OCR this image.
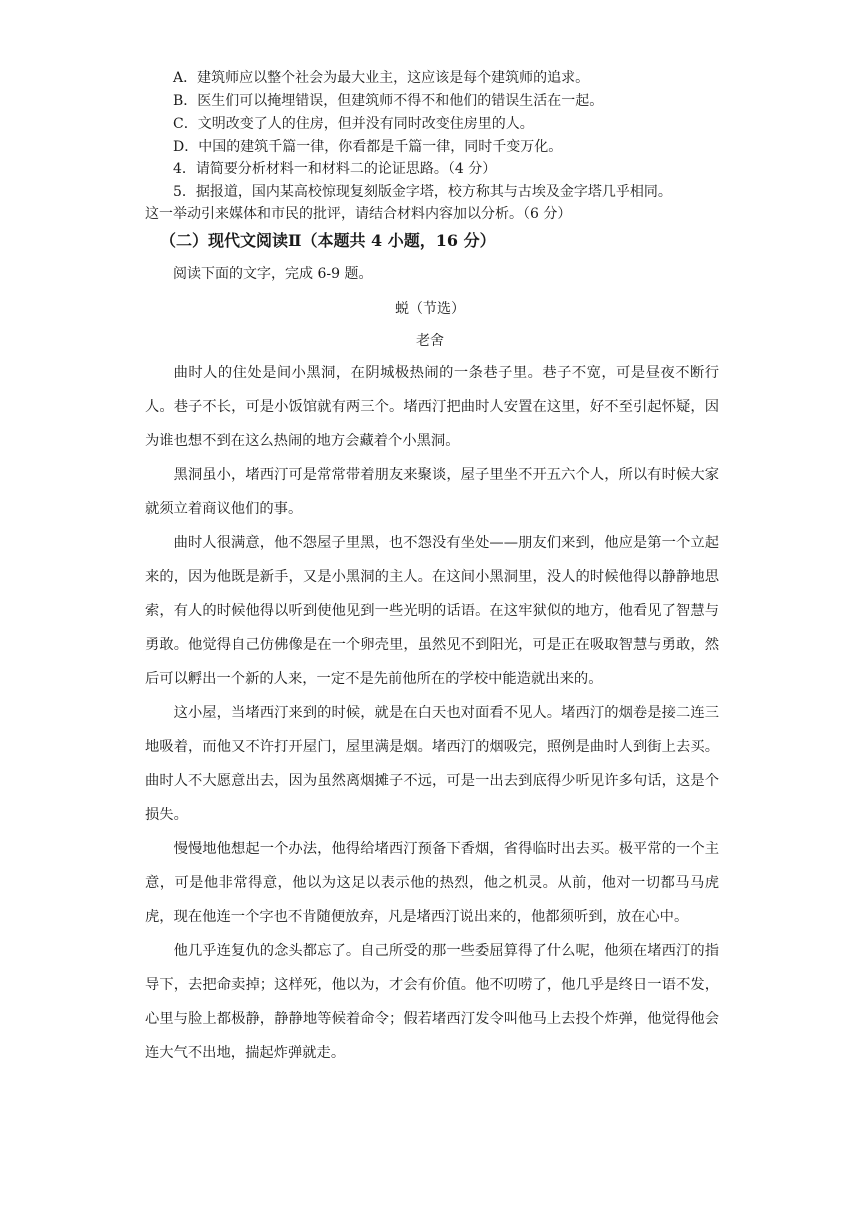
A．建筑师应以整个社会为最大业主，这应该是每个建筑师的追求。
B．医生们可以掩埋错误，但建筑师不得不和他们的错误生活在一起。
C．文明改变了人的住房，但并没有同时改变住房里的人。
D．中国的建筑千篇一律，你看都是千篇一律，同时千变万化。
4．请简要分析材料一和材料二的论证思路。（4 分）
5．据报道，国内某高校惊现复刻版金字塔，校方称其与古埃及金字塔几乎相同。
这一举动引来媒体和市民的批评，请结合材料内容加以分析。（6 分）
（二）现代文阅读Ⅱ（本题共 4 小题，16 分）
阅读下面的文字，完成 6-9 题。
蜕（节选）
老舍

曲时人的住处是间小黑洞，在阴城极热闹的一条巷子里。巷子不宽，可是昼夜不断行人。巷子不长，可是小饭馆就有两三个。堵西汀把曲时人安置在这里，好不至引起怀疑，因为谁也想不到在这么热闹的地方会藏着个小黑洞。

黑洞虽小，堵西汀可是常常带着朋友来聚谈，屋子里坐不开五六个人，所以有时候大家就须立着商议他们的事。

曲时人很满意，他不怨屋子里黑，也不怨没有坐处——朋友们来到，他应是第一个立起来的，因为他既是新手，又是小黑洞的主人。在这间小黑洞里，没人的时候他得以静静地思索，有人的时候他得以听到使他见到一些光明的话语。在这牢狱似的地方，他看见了智慧与勇敢。他觉得自己仿佛像是在一个卵壳里，虽然见不到阳光，可是正在吸取智慧与勇敢，然后可以孵出一个新的人来，一定不是先前他所在的学校中能造就出来的。

这小屋，当堵西汀来到的时候，就是在白天也对面看不见人。堵西汀的烟卷是接二连三地吸着，而他又不许打开屋门，屋里满是烟。堵西汀的烟吸完，照例是曲时人到街上去买。曲时人不大愿意出去，因为虽然离烟摊子不远，可是一出去到底得少听见许多句话，这是个损失。

慢慢地他想起一个办法，他得给堵西汀预备下香烟，省得临时出去买。极平常的一个主意，可是他非常得意，他以为这足以表示他的热烈，他之机灵。从前，他对一切都马马虎虎，现在他连一个字也不肯随便放弃，凡是堵西汀说出来的，他都须听到，放在心中。

他几乎连复仇的念头都忘了。自己所受的那一些委屈算得了什么呢，他须在堵西汀的指导下，去把命卖掉；这样死，他以为，才会有价值。他不叨唠了，他几乎是终日一语不发，心里与脸上都极静，静静地等候着命令；假若堵西汀发令叫他马上去投个炸弹，他觉得他会连大气不出地，揣起炸弹就走。
